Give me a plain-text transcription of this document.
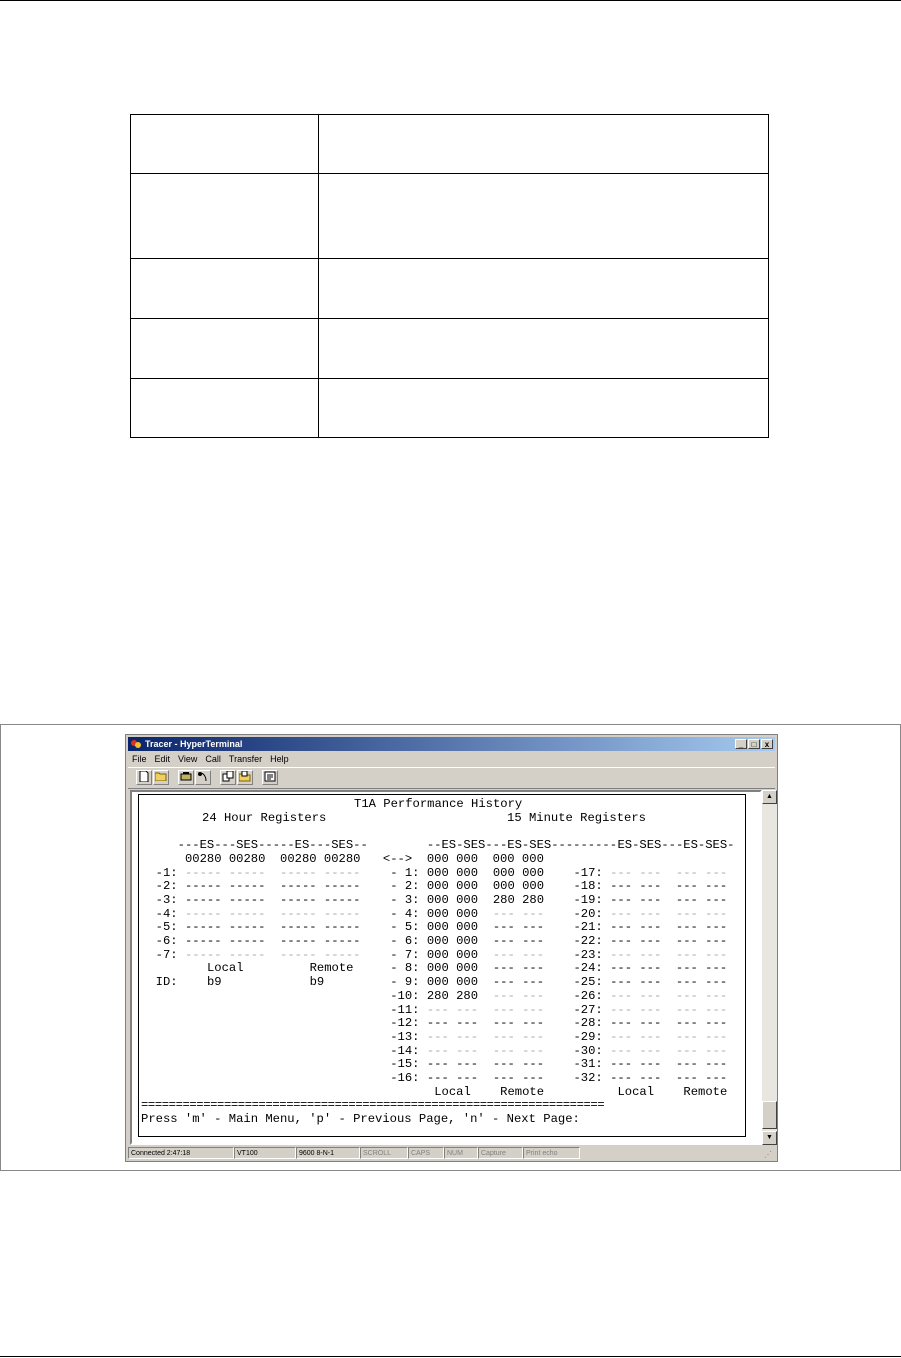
Tracer - HyperTerminal	_	□	x
File Edit View Call Transfer Help
T1A Performance History

24 Hour Registers	15 Minute Registers
---ES---SES-----ES---SES--
00280 00280  00280 00280
-1: ----- -----  ----- -----
-2: ----- -----  ----- -----
-3: ----- -----  ----- -----
-4: ----- -----  ----- -----
-5: ----- -----  ----- -----
-6: ----- -----  ----- -----
-7: ----- -----  ----- -----
Local	Remote
ID: b9	b9
--ES-SES---ES-SES--------- ES-SES---ES-SES-
<--> 000 000  000 000
- 1: 000 000 000 000
- 2: 000 000 000 000
- 3: 000 000 280 280
- 4: 000 000 --- ---
- 5: 000 000 --- ---
- 6: 000 000 --- ---
- 7: 000 000 --- ---
- 8: 000 000 --- ---
- 9: 000 000 --- ---
-10: 280 280 --- ---
-11: --- --- --- ---
-12: --- --- --- ---
-13: --- --- --- ---
-14: --- --- --- ---
-15: --- --- --- ---
-16: --- --- --- ---
-17: --- ---  --- ---
-18: --- ---  --- ---
-19: --- ---  --- ---
-20: --- ---  --- ---
-21: --- ---  --- ---
-22: --- ---  --- ---
-23: --- ---  --- ---
-24: --- ---  --- ---
-25: --- ---  --- ---
-26: --- ---  --- ---
-27: --- ---  --- ---
-28: --- ---  --- ---
-29: --- ---  --- ---
-30: --- ---  --- ---
-31: --- ---  --- ---
-32: --- ---  --- ---
Local Remote	Local Remote
===================================================================
Press 'm' - Main Menu, 'p' - Previous Page, 'n' - Next Page:
▲
▼
Connected 2:47:18	VT100	9600 8-N-1	SCROLL	CAPS	NUM	Capture	Print echo	⋰
